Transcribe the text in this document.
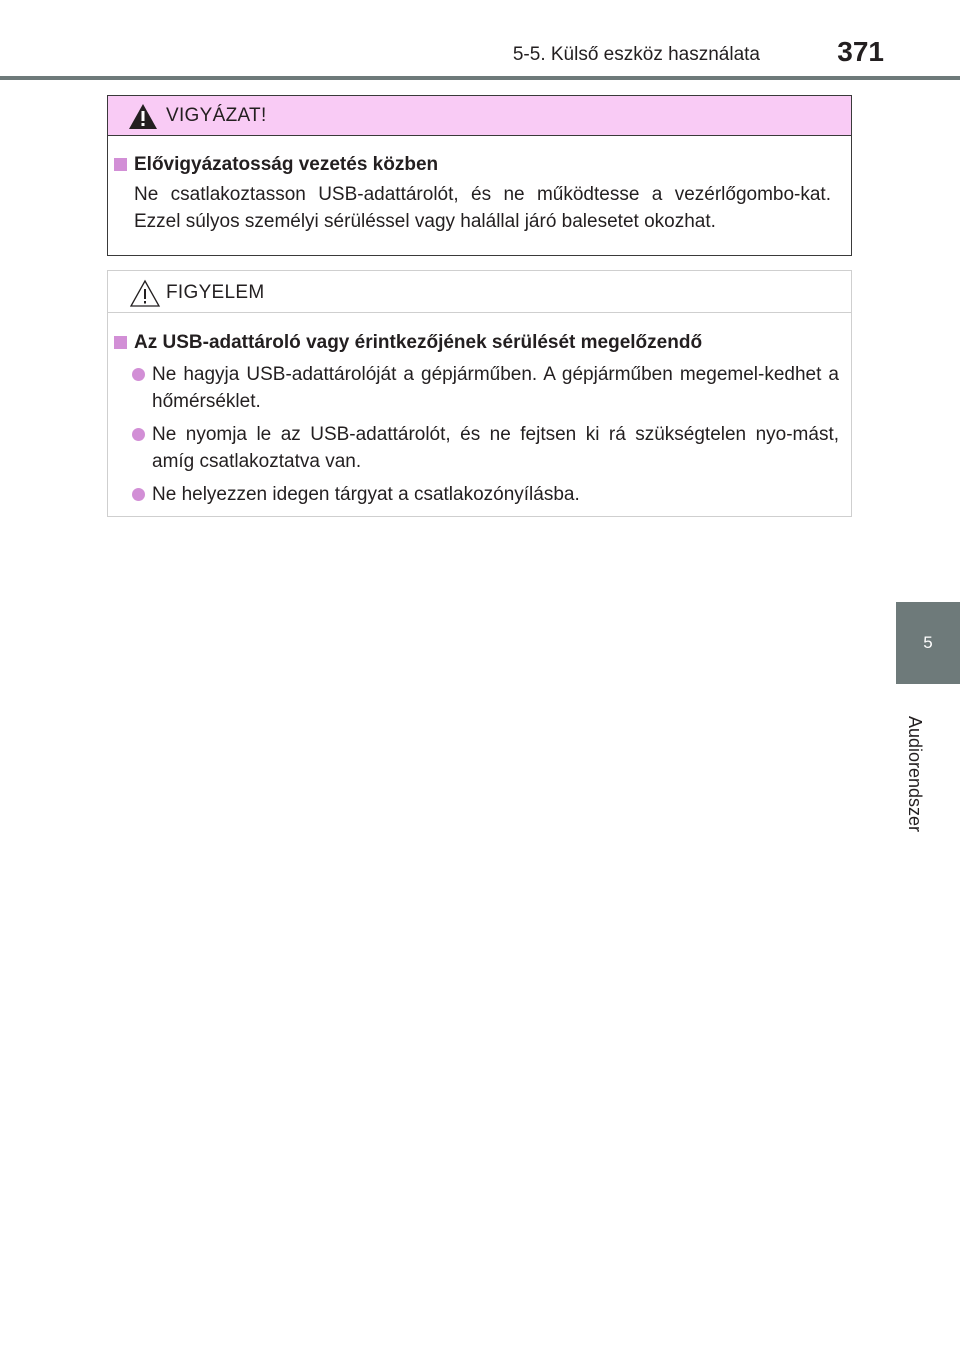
5-5. Külső eszköz használata	371
VIGYÁZAT!
Elővigyázatosság vezetés közben

Ne csatlakoztasson USB-adattárolót, és ne működtesse a vezérlőgombo-kat. Ezzel súlyos személyi sérüléssel vagy halállal járó balesetet okozhat.

FIGYELEM
Az USB-adattároló vagy érintkezőjének sérülését megelőzendő
Ne hagyja USB-adattárolóját a gépjárműben. A gépjárműben megemel-kedhet a hőmérséklet.
Ne nyomja le az USB-adattárolót, és ne fejtsen ki rá szükségtelen nyo-mást, amíg csatlakoztatva van.
Ne helyezzen idegen tárgyat a csatlakozónyílásba.
5
Audiorendszer
